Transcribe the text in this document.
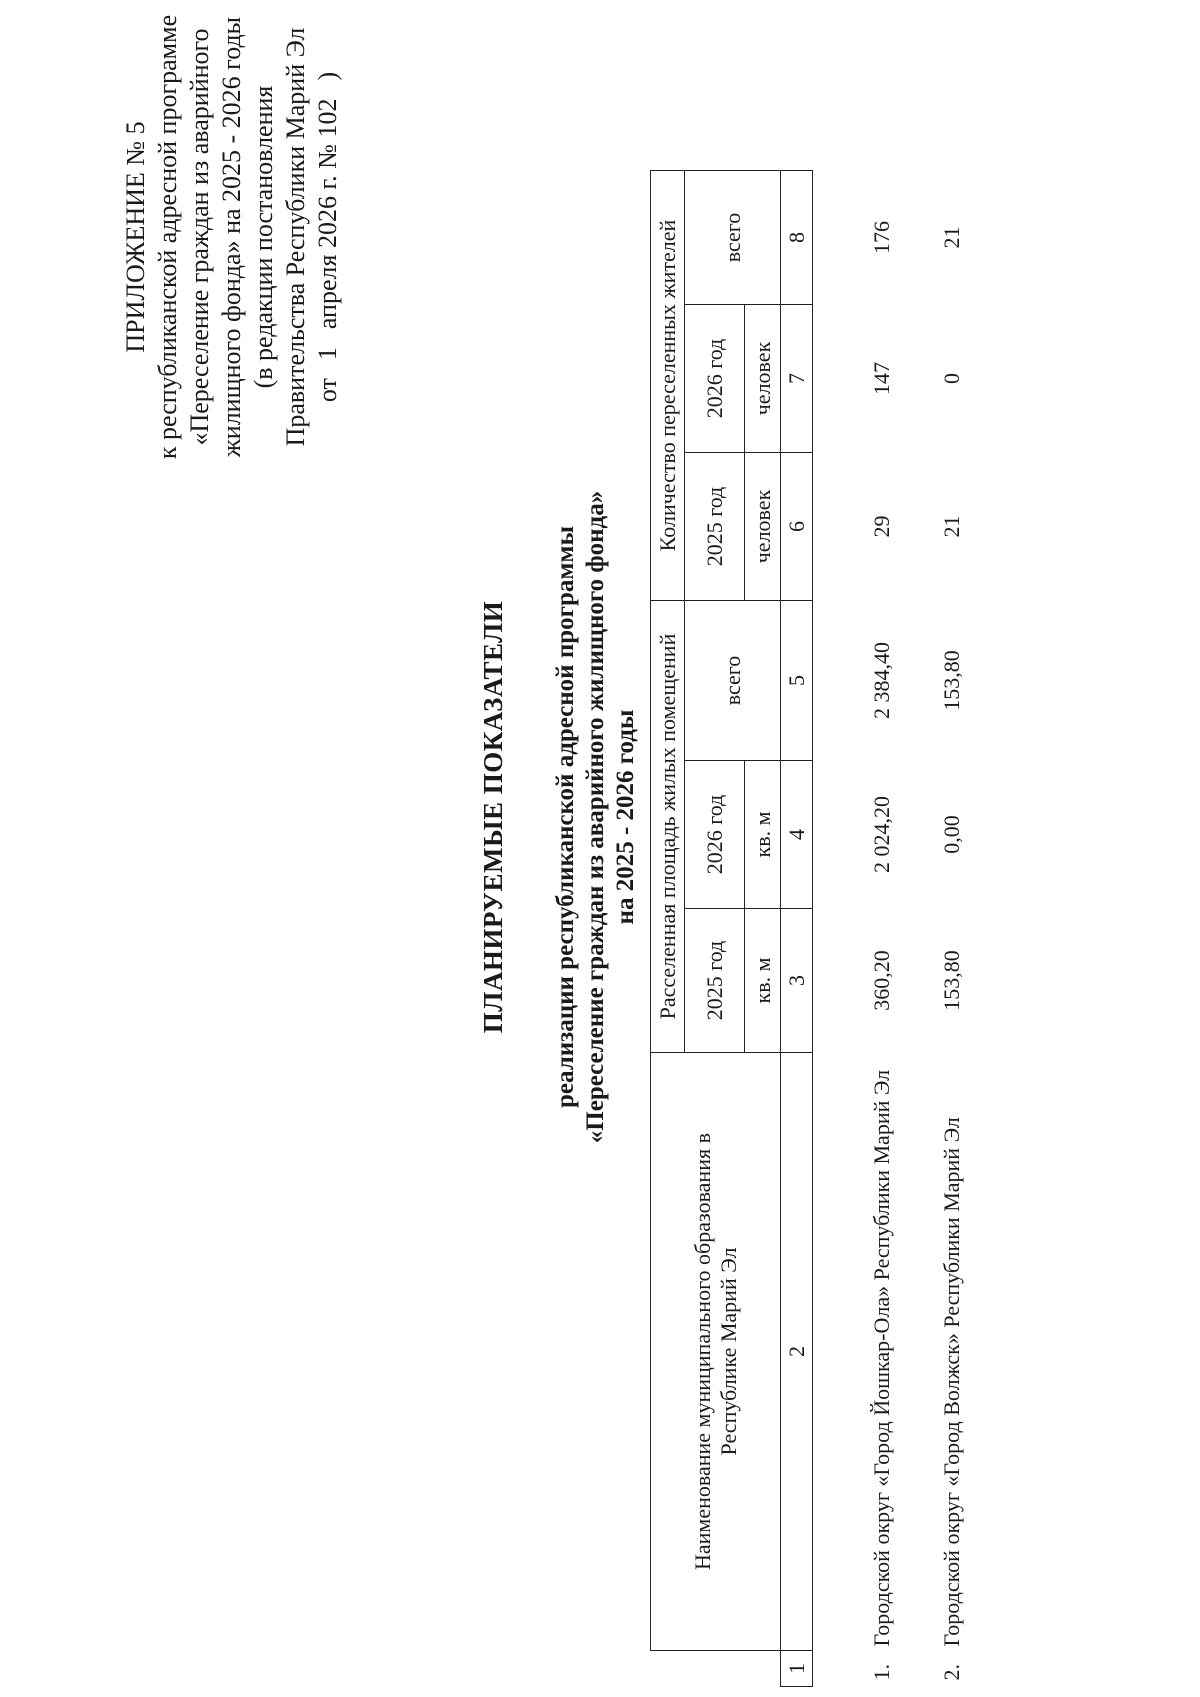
ПРИЛОЖЕНИЕ № 5 к республиканской адресной программе «Переселение граждан из аварийного жилищного фонда» на 2025 - 2026 годы (в редакции постановления Правительства Республики Марий Эл от1апреля 2026 г. № 102)
ПЛАНИРУЕМЫЕ ПОКАЗАТЕЛИ реализации республиканской адресной программы «Переселение граждан из аварийного жилищного фонда» на 2025 - 2026 годы
	Наименование муниципального образования в Республике Марий Эл	Расселенная площадь жилых помещений			Количество переселенных жителей		
		2025 год	2026 год	всего	2025 год	2026 год	всего
		кв. м	кв. м		человек	человек	
1	2	3	4	5	6	7	8
1.	Городской округ «Город Йошкар-Ола» Республики Марий Эл	360,20	2 024,20	2 384,40	29	147	176
2.	Городской округ «Город Волжск» Республики Марий Эл	153,80	0,00	153,80	21	0	21
